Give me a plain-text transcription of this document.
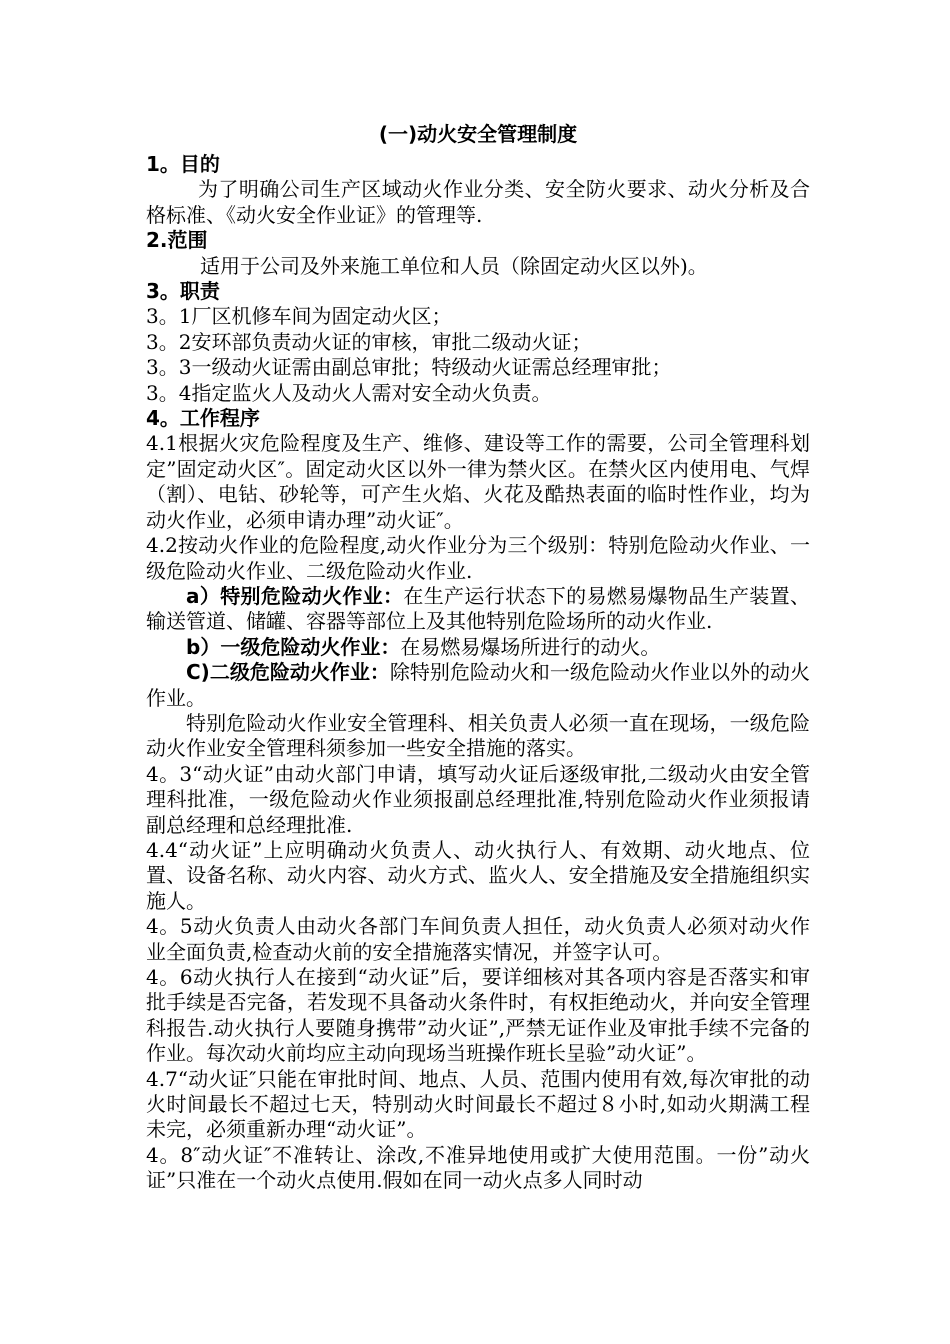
(一)动火安全管理制度
1。目的
为了明确公司生产区域动火作业分类、安全防火要求、动火分析及合格标准、《动火安全作业证》的管理等.
2.范围
适用于公司及外来施工单位和人员（除固定动火区以外)。
3。职责
3。1厂区机修车间为固定动火区；
3。2安环部负责动火证的审核，审批二级动火证；
3。3一级动火证需由副总审批；特级动火证需总经理审批；
3。4指定监火人及动火人需对安全动火负责。
4。工作程序
4.1根据火灾危险程度及生产、维修、建设等工作的需要，公司全管理科划定”固定动火区″。固定动火区以外一律为禁火区。在禁火区内使用电、气焊（割）、电钻、砂轮等，可产生火焰、火花及酷热表面的临时性作业，均为动火作业，必须申请办理”动火证″。
4.2按动火作业的危险程度,动火作业分为三个级别：特别危险动火作业、一级危险动火作业、二级危险动火作业.
a）特别危险动火作业：在生产运行状态下的易燃易爆物品生产装置、输送管道、储罐、容器等部位上及其他特别危险场所的动火作业.
b）一级危险动火作业：在易燃易爆场所进行的动火。
C)二级危险动火作业：除特别危险动火和一级危险动火作业以外的动火作业。
特别危险动火作业安全管理科、相关负责人必须一直在现场，一级危险动火作业安全管理科须参加一些安全措施的落实。
4。3“动火证”由动火部门申请，填写动火证后逐级审批,二级动火由安全管理科批准，一级危险动火作业须报副总经理批准,特别危险动火作业须报请副总经理和总经理批准.
4.4“动火证”上应明确动火负责人、动火执行人、有效期、动火地点、位置、设备名称、动火内容、动火方式、监火人、安全措施及安全措施组织实施人。
4。5动火负责人由动火各部门车间负责人担任，动火负责人必须对动火作业全面负责,检查动火前的安全措施落实情况，并签字认可。
4。6动火执行人在接到“动火证”后，要详细核对其各项内容是否落实和审批手续是否完备，若发现不具备动火条件时，有权拒绝动火，并向安全管理科报告.动火执行人要随身携带”动火证”,严禁无证作业及审批手续不完备的作业。每次动火前均应主动向现场当班操作班长呈验”动火证”。
4.7“动火证″只能在审批时间、地点、人员、范围内使用有效,每次审批的动火时间最长不超过七天，特别动火时间最长不超过８小时,如动火期满工程未完，必须重新办理“动火证”。
4。8″动火证″不准转让、涂改,不准异地使用或扩大使用范围。一份”动火证”只准在一个动火点使用.假如在同一动火点多人同时动
